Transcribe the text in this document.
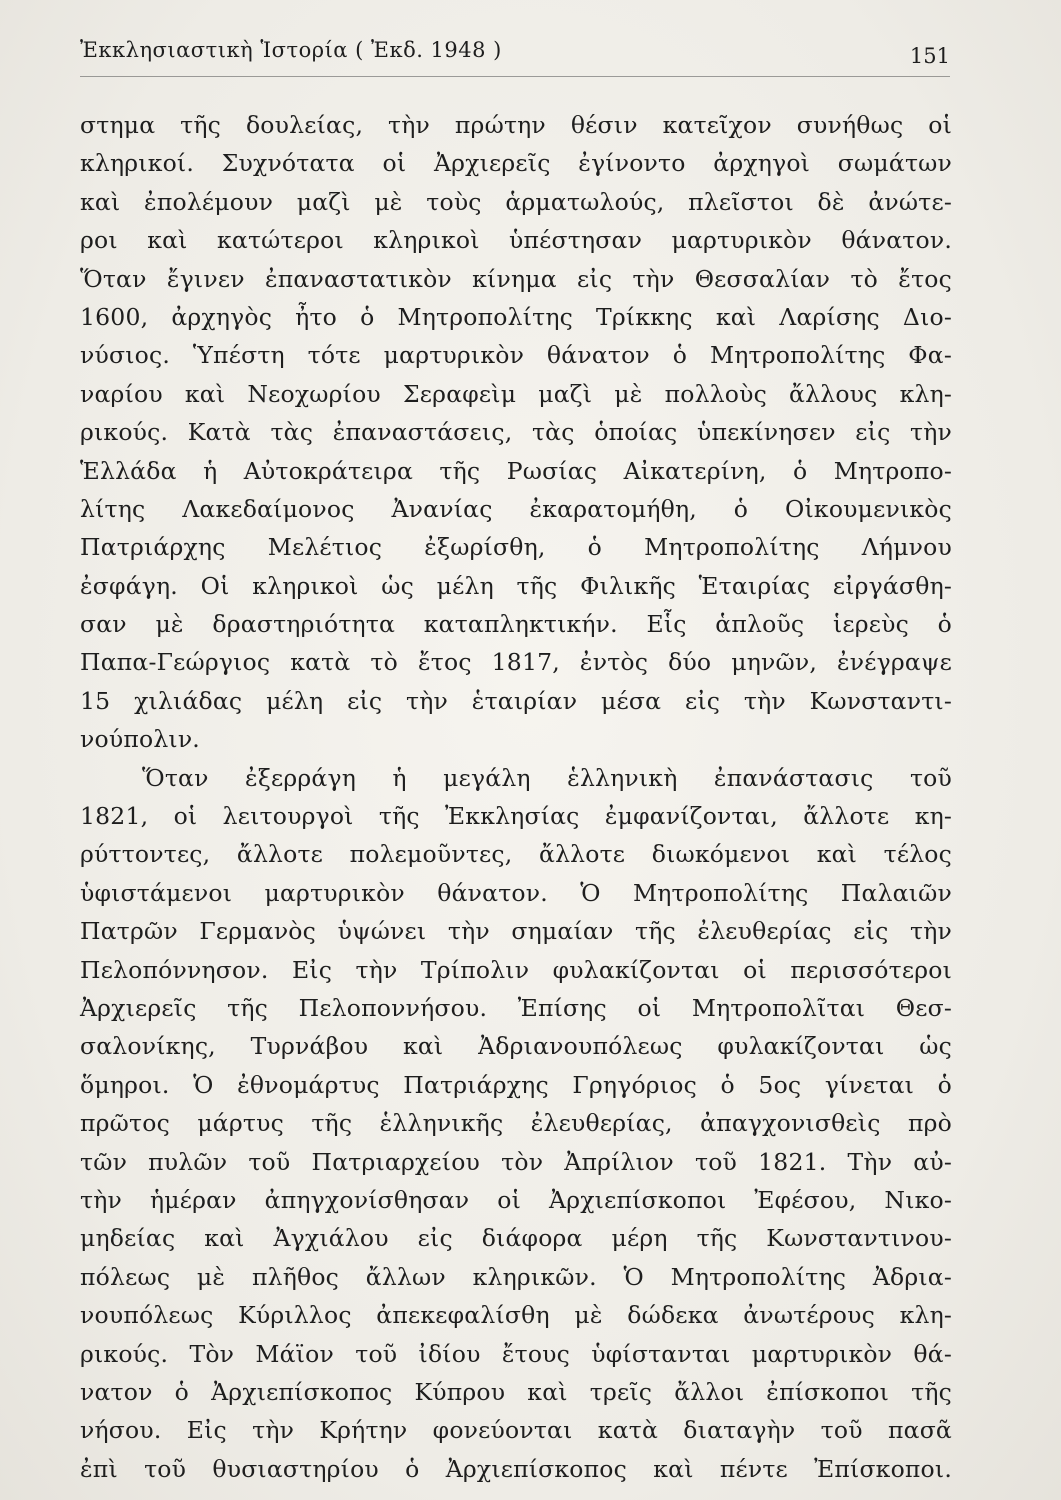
Ἐκκλησιαστικὴ Ἱστορία ( Ἐκδ. 1948 )	151
στημα τῆς δουλείας, τὴν πρώτην θέσιν κατεῖχον συνήθως οἱ
κληρικοί. Συχνότατα οἱ Ἀρχιερεῖς ἐγίνοντο ἀρχηγοὶ σωμάτων
καὶ ἐπολέμουν μαζὶ μὲ τοὺς ἁρματωλούς, πλεῖστοι δὲ ἀνώτε-
ροι καὶ κατώτεροι κληρικοὶ ὑπέστησαν μαρτυρικὸν θάνατον.
Ὅταν ἔγινεν ἐπαναστατικὸν κίνημα εἰς τὴν Θεσσαλίαν τὸ ἔτος
1600, ἀρχηγὸς ἦτο ὁ Μητροπολίτης Τρίκκης καὶ Λαρίσης Διο-
νύσιος. Ὑπέστη τότε μαρτυρικὸν θάνατον ὁ Μητροπολίτης Φα-
ναρίου καὶ Νεοχωρίου Σεραφεὶμ μαζὶ μὲ πολλοὺς ἄλλους κλη-
ρικούς. Κατὰ τὰς ἐπαναστάσεις, τὰς ὁποίας ὑπεκίνησεν εἰς τὴν
Ἑλλάδα ἡ Αὐτοκράτειρα τῆς Ρωσίας Αἰκατερίνη, ὁ Μητροπο-
λίτης Λακεδαίμονος Ἀνανίας ἐκαρατομήθη, ὁ Οἰκουμενικὸς
Πατριάρχης Μελέτιος ἐξωρίσθη, ὁ Μητροπολίτης Λήμνου
ἐσφάγη. Οἱ κληρικοὶ ὡς μέλη τῆς Φιλικῆς Ἑταιρίας εἰργάσθη-
σαν μὲ δραστηριότητα καταπληκτικήν. Εἷς ἁπλοῦς ἱερεὺς ὁ
Παπα-Γεώργιος κατὰ τὸ ἔτος 1817, ἐντὸς δύο μηνῶν, ἐνέγραψε
15 χιλιάδας μέλη εἰς τὴν ἑταιρίαν μέσα εἰς τὴν Κωνσταντι-
νούπολιν.
Ὅταν ἐξερράγη ἡ μεγάλη ἑλληνικὴ ἐπανάστασις τοῦ
1821, οἱ λειτουργοὶ τῆς Ἐκκλησίας ἐμφανίζονται, ἄλλοτε κη-
ρύττοντες, ἄλλοτε πολεμοῦντες, ἄλλοτε διωκόμενοι καὶ τέλος
ὑφιστάμενοι μαρτυρικὸν θάνατον. Ὁ Μητροπολίτης Παλαιῶν
Πατρῶν Γερμανὸς ὑψώνει τὴν σημαίαν τῆς ἐλευθερίας εἰς τὴν
Πελοπόννησον. Εἰς τὴν Τρίπολιν φυλακίζονται οἱ περισσότεροι
Ἀρχιερεῖς τῆς Πελοποννήσου. Ἐπίσης οἱ Μητροπολῖται Θεσ-
σαλονίκης, Τυρνάβου καὶ Ἀδριανουπόλεως φυλακίζονται ὡς
ὅμηροι. Ὁ ἐθνομάρτυς Πατριάρχης Γρηγόριος ὁ 5ος γίνεται ὁ
πρῶτος μάρτυς τῆς ἑλληνικῆς ἐλευθερίας, ἀπαγχονισθεὶς πρὸ
τῶν πυλῶν τοῦ Πατριαρχείου τὸν Ἀπρίλιον τοῦ 1821. Τὴν αὐ-
τὴν ἡμέραν ἀπηγχονίσθησαν οἱ Ἀρχιεπίσκοποι Ἐφέσου, Νικο-
μηδείας καὶ Ἀγχιάλου εἰς διάφορα μέρη τῆς Κωνσταντινου-
πόλεως μὲ πλῆθος ἄλλων κληρικῶν. Ὁ Μητροπολίτης Ἀδρια-
νουπόλεως Κύριλλος ἀπεκεφαλίσθη μὲ δώδεκα ἀνωτέρους κλη-
ρικούς. Τὸν Μάϊον τοῦ ἰδίου ἔτους ὑφίστανται μαρτυρικὸν θά-
νατον ὁ Ἀρχιεπίσκοπος Κύπρου καὶ τρεῖς ἄλλοι ἐπίσκοποι τῆς
νήσου. Εἰς τὴν Κρήτην φονεύονται κατὰ διαταγὴν τοῦ πασᾶ
ἐπὶ τοῦ θυσιαστηρίου ὁ Ἀρχιεπίσκοπος καὶ πέντε Ἐπίσκοποι.
